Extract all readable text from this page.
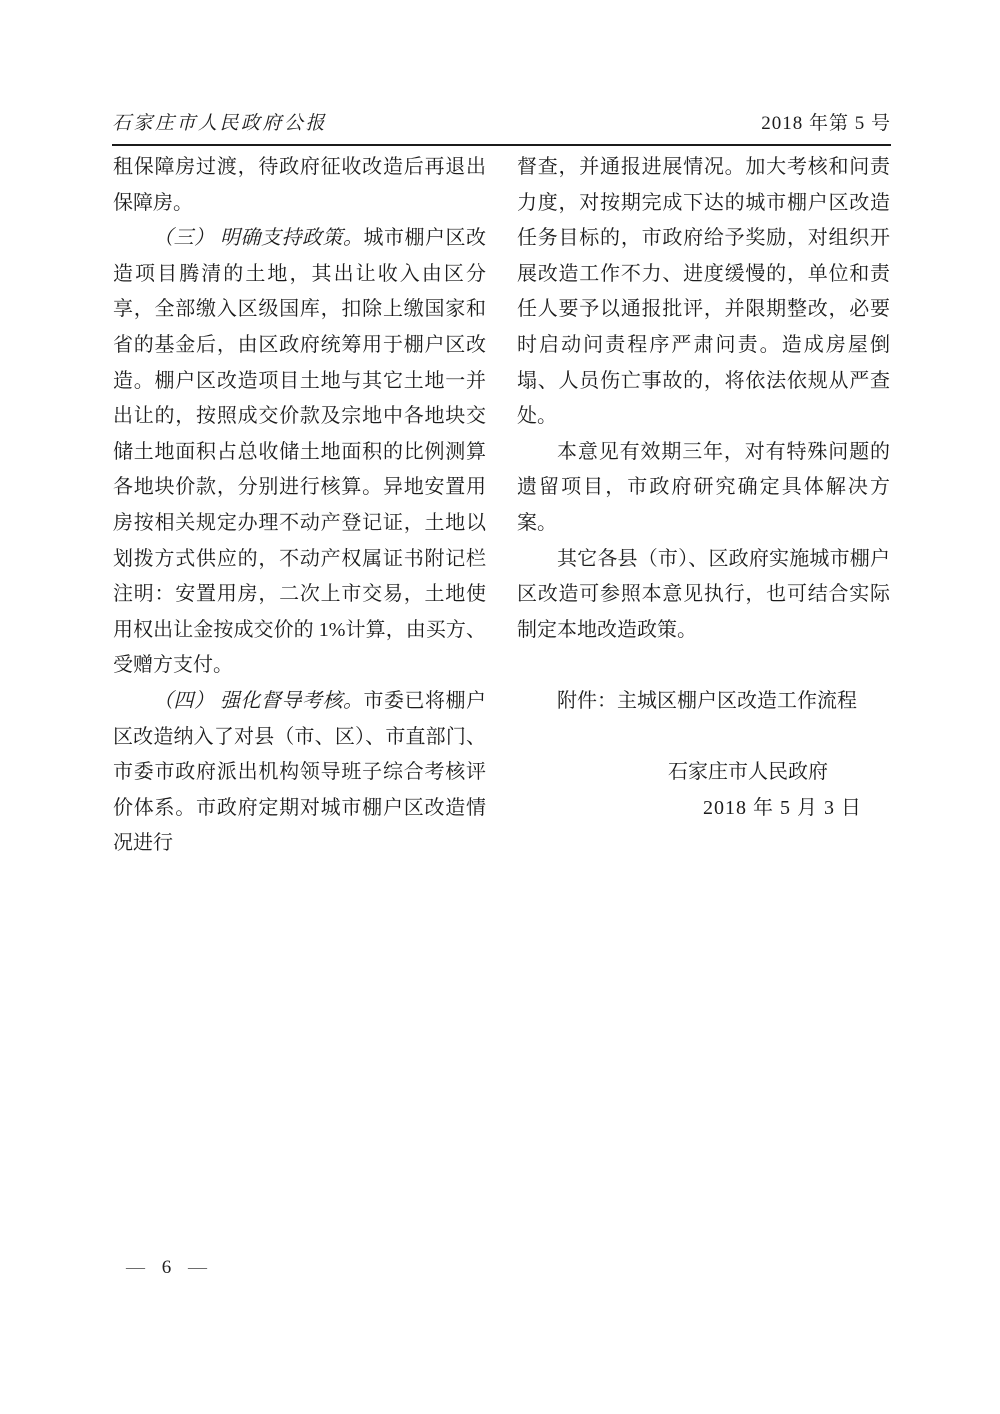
石家庄市人民政府公报	2018 年第 5 号
租保障房过渡，待政府征收改造后再退出保障房。
（三） 明确支持政策。城市棚户区改造项目腾清的土地，其出让收入由区分享，全部缴入区级国库，扣除上缴国家和省的基金后，由区政府统筹用于棚户区改造。棚户区改造项目土地与其它土地一并出让的，按照成交价款及宗地中各地块交储土地面积占总收储土地面积的比例测算各地块价款，分别进行核算。异地安置用房按相关规定办理不动产登记证，土地以划拨方式供应的，不动产权属证书附记栏注明：安置用房，二次上市交易，土地使用权出让金按成交价的 1%计算，由买方、受赠方支付。
（四） 强化督导考核。市委已将棚户区改造纳入了对县（市、区）、市直部门、市委市政府派出机构领导班子综合考核评价体系。市政府定期对城市棚户区改造情况进行
督查，并通报进展情况。加大考核和问责力度，对按期完成下达的城市棚户区改造任务目标的，市政府给予奖励，对组织开展改造工作不力、进度缓慢的，单位和责任人要予以通报批评，并限期整改，必要时启动问责程序严肃问责。造成房屋倒塌、人员伤亡事故的，将依法依规从严查处。
本意见有效期三年，对有特殊问题的遗留项目，市政府研究确定具体解决方案。
其它各县（市）、区政府实施城市棚户区改造可参照本意见执行，也可结合实际制定本地改造政策。
附件：主城区棚户区改造工作流程
石家庄市人民政府
2018 年 5 月 3 日
— 6 —
